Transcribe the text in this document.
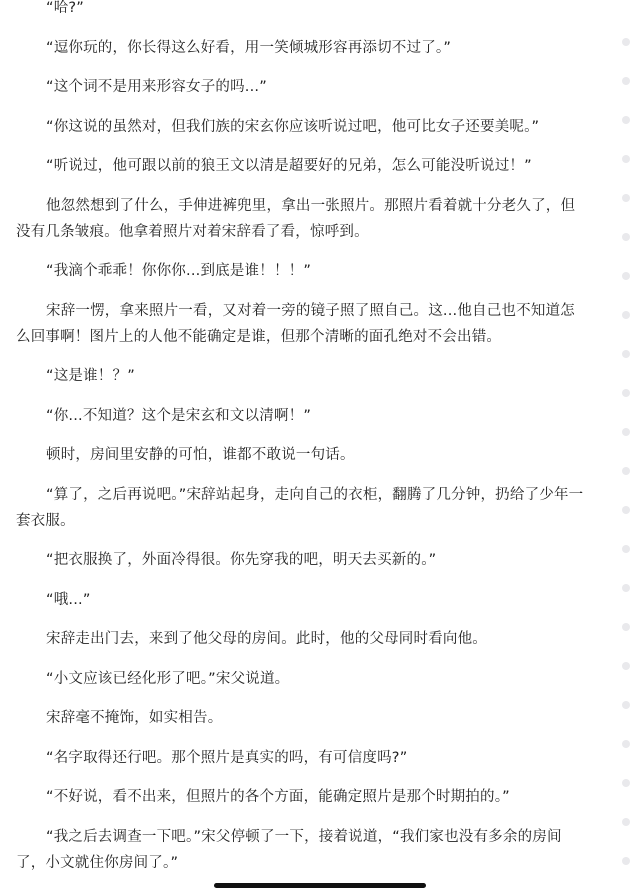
“哈?”

“逗你玩的，你长得这么好看，用一笑倾城形容再添切不过了。”

“这个词不是用来形容女子的吗...”

“你这说的虽然对，但我们族的宋玄你应该听说过吧，他可比女子还要美呢。”

“听说过，他可跟以前的狼王文以清是超要好的兄弟，怎么可能没听说过！”

他忽然想到了什么，手伸进裤兜里，拿出一张照片。那照片看着就十分老久了，但没有几条皱痕。他拿着照片对着宋辞看了看，惊呼到。

“我滴个乖乖！你你你...到底是谁！！！”

宋辞一愣，拿来照片一看，又对着一旁的镜子照了照自己。这...他自己也不知道怎么回事啊！图片上的人他不能确定是谁，但那个清晰的面孔绝对不会出错。

“这是谁！？”

“你...不知道？这个是宋玄和文以清啊！”

顿时，房间里安静的可怕，谁都不敢说一句话。

“算了，之后再说吧。”宋辞站起身，走向自己的衣柜，翻腾了几分钟，扔给了少年一套衣服。

“把衣服换了，外面冷得很。你先穿我的吧，明天去买新的。”

“哦...”

宋辞走出门去，来到了他父母的房间。此时，他的父母同时看向他。

“小文应该已经化形了吧。”宋父说道。

宋辞毫不掩饰，如实相告。

“名字取得还行吧。那个照片是真实的吗，有可信度吗?”

“不好说，看不出来，但照片的各个方面，能确定照片是那个时期拍的。”

“我之后去调查一下吧。”宋父停顿了一下，接着说道，“我们家也没有多余的房间了，小文就住你房间了。”
